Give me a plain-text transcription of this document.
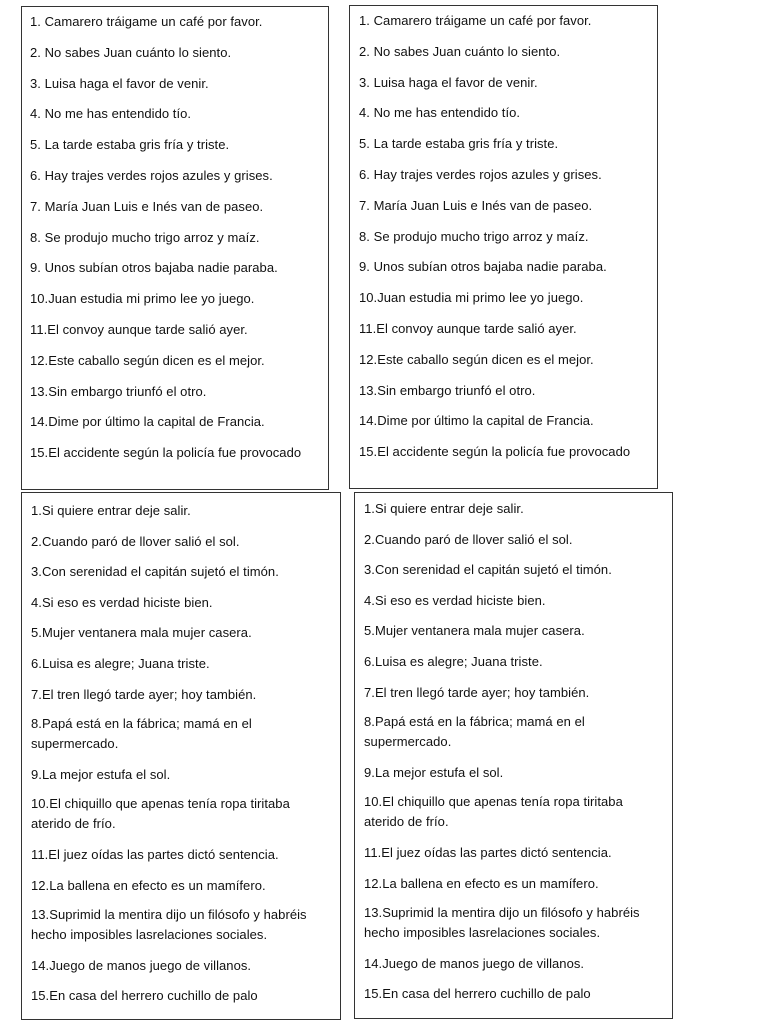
1. Camarero tráigame un café por favor.
2. No sabes Juan cuánto lo siento.
3. Luisa haga el favor de venir.
4. No me has entendido tío.
5. La tarde estaba gris fría y triste.
6. Hay trajes verdes rojos azules y grises.
7. María Juan Luis e Inés van de paseo.
8. Se produjo mucho trigo arroz y maíz.
9. Unos subían otros bajaba nadie paraba.
10.Juan estudia mi primo lee yo juego.
11.El convoy aunque tarde salió ayer.
12.Este caballo según dicen es el mejor.
13.Sin embargo triunfó el otro.
14.Dime por último la capital de Francia.
15.El accidente según la policía fue provocado
1. Camarero tráigame un café por favor.
2. No sabes Juan cuánto lo siento.
3. Luisa haga el favor de venir.
4. No me has entendido tío.
5. La tarde estaba gris fría y triste.
6. Hay trajes verdes rojos azules y grises.
7. María Juan Luis e Inés van de paseo.
8. Se produjo mucho trigo arroz y maíz.
9. Unos subían otros bajaba nadie paraba.
10.Juan estudia mi primo lee yo juego.
11.El convoy aunque tarde salió ayer.
12.Este caballo según dicen es el mejor.
13.Sin embargo triunfó el otro.
14.Dime por último la capital de Francia.
15.El accidente según la policía fue provocado
1.Si quiere entrar deje salir.
2.Cuando paró de llover salió el sol.
3.Con serenidad el capitán sujetó el timón.
4.Si eso es verdad hiciste bien.
5.Mujer ventanera mala mujer casera.
6.Luisa es alegre; Juana triste.
7.El tren llegó tarde ayer; hoy también.
8.Papá está en la fábrica; mamá en el supermercado.
9.La mejor estufa el sol.
10.El chiquillo que apenas tenía ropa tiritaba aterido de frío.
11.El juez oídas las partes dictó sentencia.
12.La ballena en efecto es un mamífero.
13.Suprimid la mentira dijo un filósofo y habréis hecho imposibles lasrelaciones sociales.
14.Juego de manos juego de villanos.
15.En casa del herrero cuchillo de palo
1.Si quiere entrar deje salir.
2.Cuando paró de llover salió el sol.
3.Con serenidad el capitán sujetó el timón.
4.Si eso es verdad hiciste bien.
5.Mujer ventanera mala mujer casera.
6.Luisa es alegre; Juana triste.
7.El tren llegó tarde ayer; hoy también.
8.Papá está en la fábrica; mamá en el supermercado.
9.La mejor estufa el sol.
10.El chiquillo que apenas tenía ropa tiritaba aterido de frío.
11.El juez oídas las partes dictó sentencia.
12.La ballena en efecto es un mamífero.
13.Suprimid la mentira dijo un filósofo y habréis hecho imposibles lasrelaciones sociales.
14.Juego de manos juego de villanos.
15.En casa del herrero cuchillo de palo
